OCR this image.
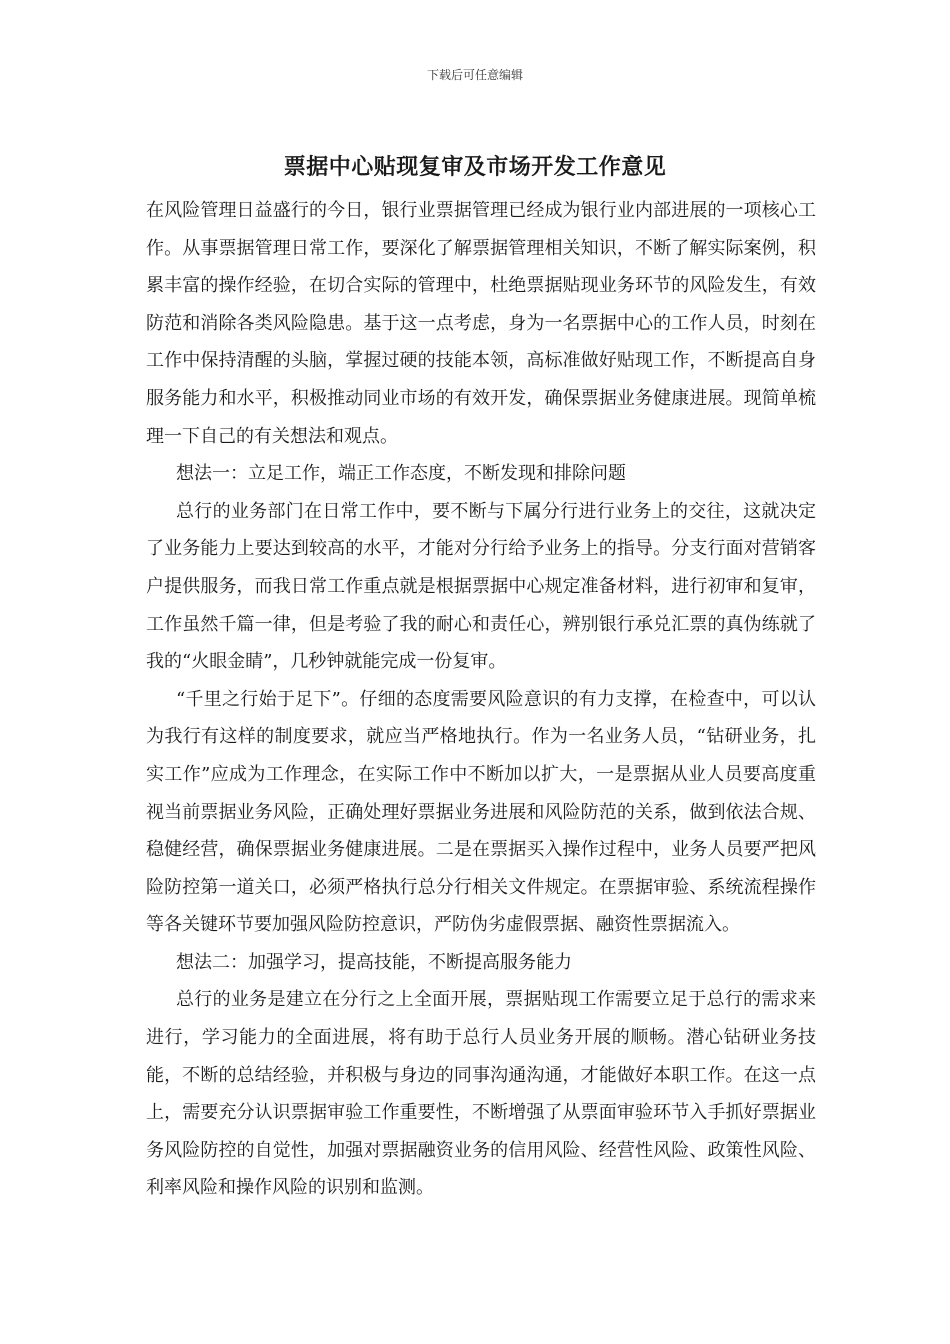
下载后可任意编辑
票据中心贴现复审及市场开发工作意见

在风险管理日益盛行的今日，银行业票据管理已经成为银行业内部进展的一项核心工作。从事票据管理日常工作，要深化了解票据管理相关知识，不断了解实际案例，积累丰富的操作经验，在切合实际的管理中，杜绝票据贴现业务环节的风险发生，有效防范和消除各类风险隐患。基于这一点考虑，身为一名票据中心的工作人员，时刻在工作中保持清醒的头脑，掌握过硬的技能本领，高标准做好贴现工作，不断提高自身服务能力和水平，积极推动同业市场的有效开发，确保票据业务健康进展。现简单梳理一下自己的有关想法和观点。

想法一：立足工作，端正工作态度，不断发现和排除问题

总行的业务部门在日常工作中，要不断与下属分行进行业务上的交往，这就决定了业务能力上要达到较高的水平，才能对分行给予业务上的指导。分支行面对营销客户提供服务，而我日常工作重点就是根据票据中心规定准备材料，进行初审和复审，工作虽然千篇一律，但是考验了我的耐心和责任心，辨别银行承兑汇票的真伪练就了我的“火眼金睛”，几秒钟就能完成一份复审。

“千里之行始于足下”。仔细的态度需要风险意识的有力支撑，在检查中，可以认为我行有这样的制度要求，就应当严格地执行。作为一名业务人员，“钻研业务，扎实工作”应成为工作理念，在实际工作中不断加以扩大，一是票据从业人员要高度重视当前票据业务风险，正确处理好票据业务进展和风险防范的关系，做到依法合规、稳健经营，确保票据业务健康进展。二是在票据买入操作过程中，业务人员要严把风险防控第一道关口，必须严格执行总分行相关文件规定。在票据审验、系统流程操作等各关键环节要加强风险防控意识，严防伪劣虚假票据、融资性票据流入。

想法二：加强学习，提高技能，不断提高服务能力

总行的业务是建立在分行之上全面开展，票据贴现工作需要立足于总行的需求来进行，学习能力的全面进展，将有助于总行人员业务开展的顺畅。潜心钻研业务技能，不断的总结经验，并积极与身边的同事沟通沟通，才能做好本职工作。在这一点上，需要充分认识票据审验工作重要性，不断增强了从票面审验环节入手抓好票据业务风险防控的自觉性，加强对票据融资业务的信用风险、经营性风险、政策性风险、利率风险和操作风险的识别和监测。
